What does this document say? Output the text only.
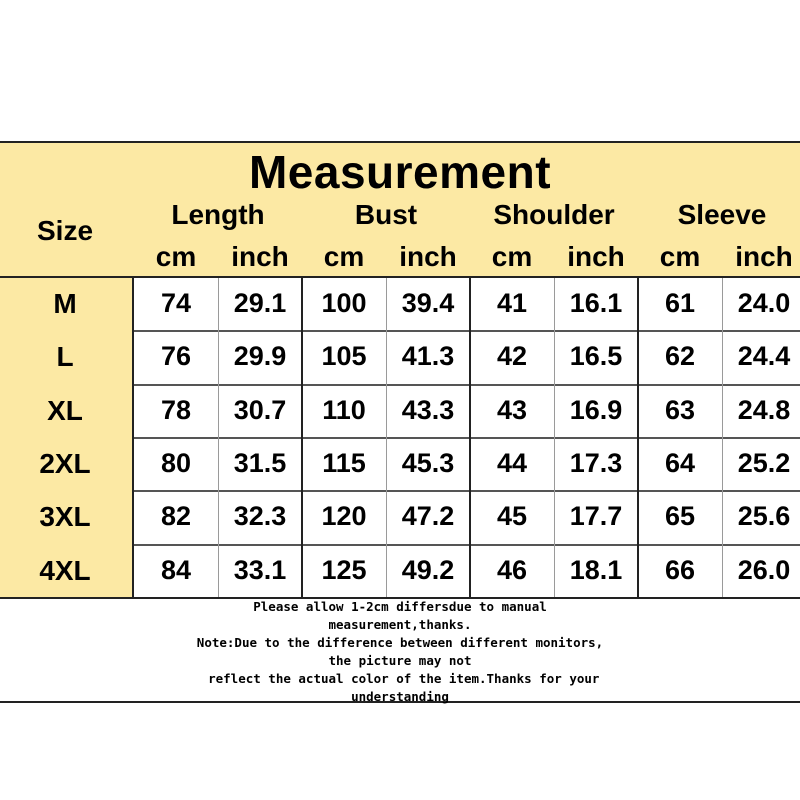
Measurement
Size
Length
cm	inch
Bust
cm	inch
Shoulder
cm	inch
Sleeve
cm	inch
M	74	29.1	100	39.4	41	16.1	61	24.0
L	76	29.9	105	41.3	42	16.5	62	24.4
XL	78	30.7	110	43.3	43	16.9	63	24.8
2XL	80	31.5	115	45.3	44	17.3	64	25.2
3XL	82	32.3	120	47.2	45	17.7	65	25.6
4XL	84	33.1	125	49.2	46	18.1	66	26.0
Please allow 1-2cm differsdue to manual
measurement,thanks.
Note:Due to the difference between different monitors,
the picture may not
reflect the actual color of the item.Thanks for your
understanding
